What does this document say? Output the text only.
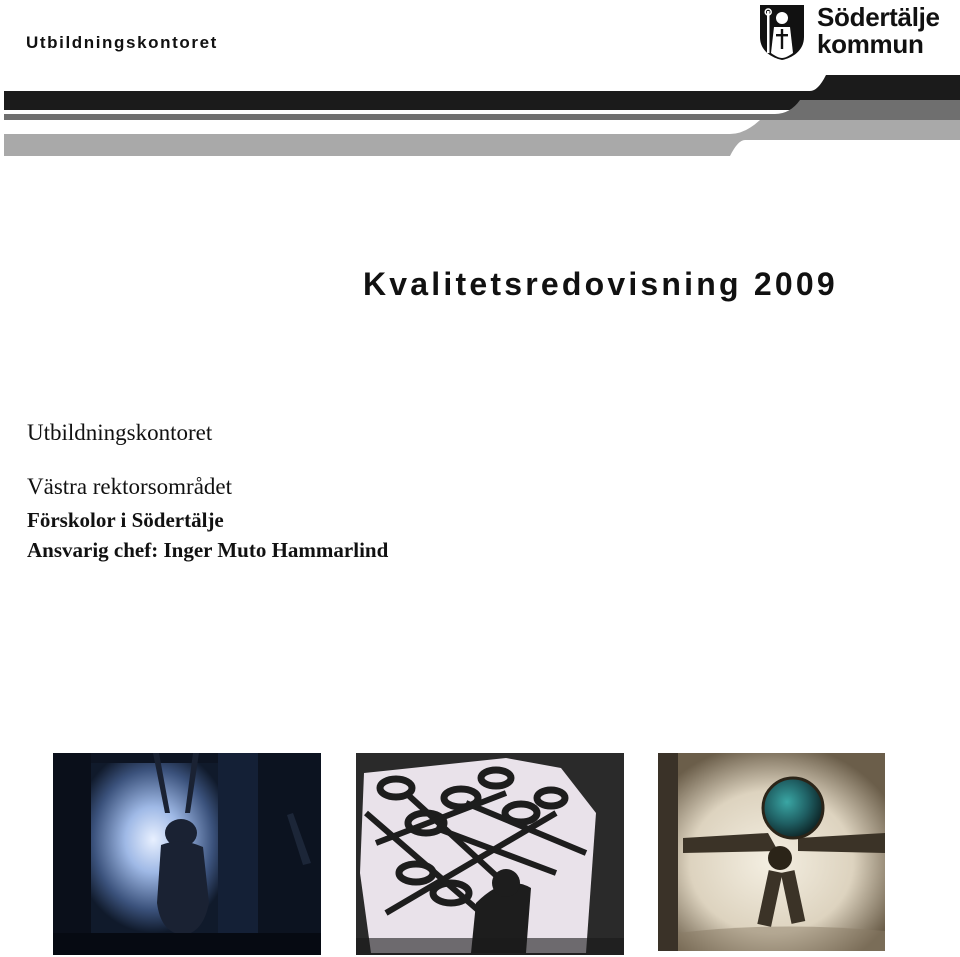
Utbildningskontoret
Södertälje
kommun
Kvalitetsredovisning 2009
Utbildningskontoret
Västra rektorsområdet
Förskolor i Södertälje
Ansvarig chef: Inger Muto Hammarlind
